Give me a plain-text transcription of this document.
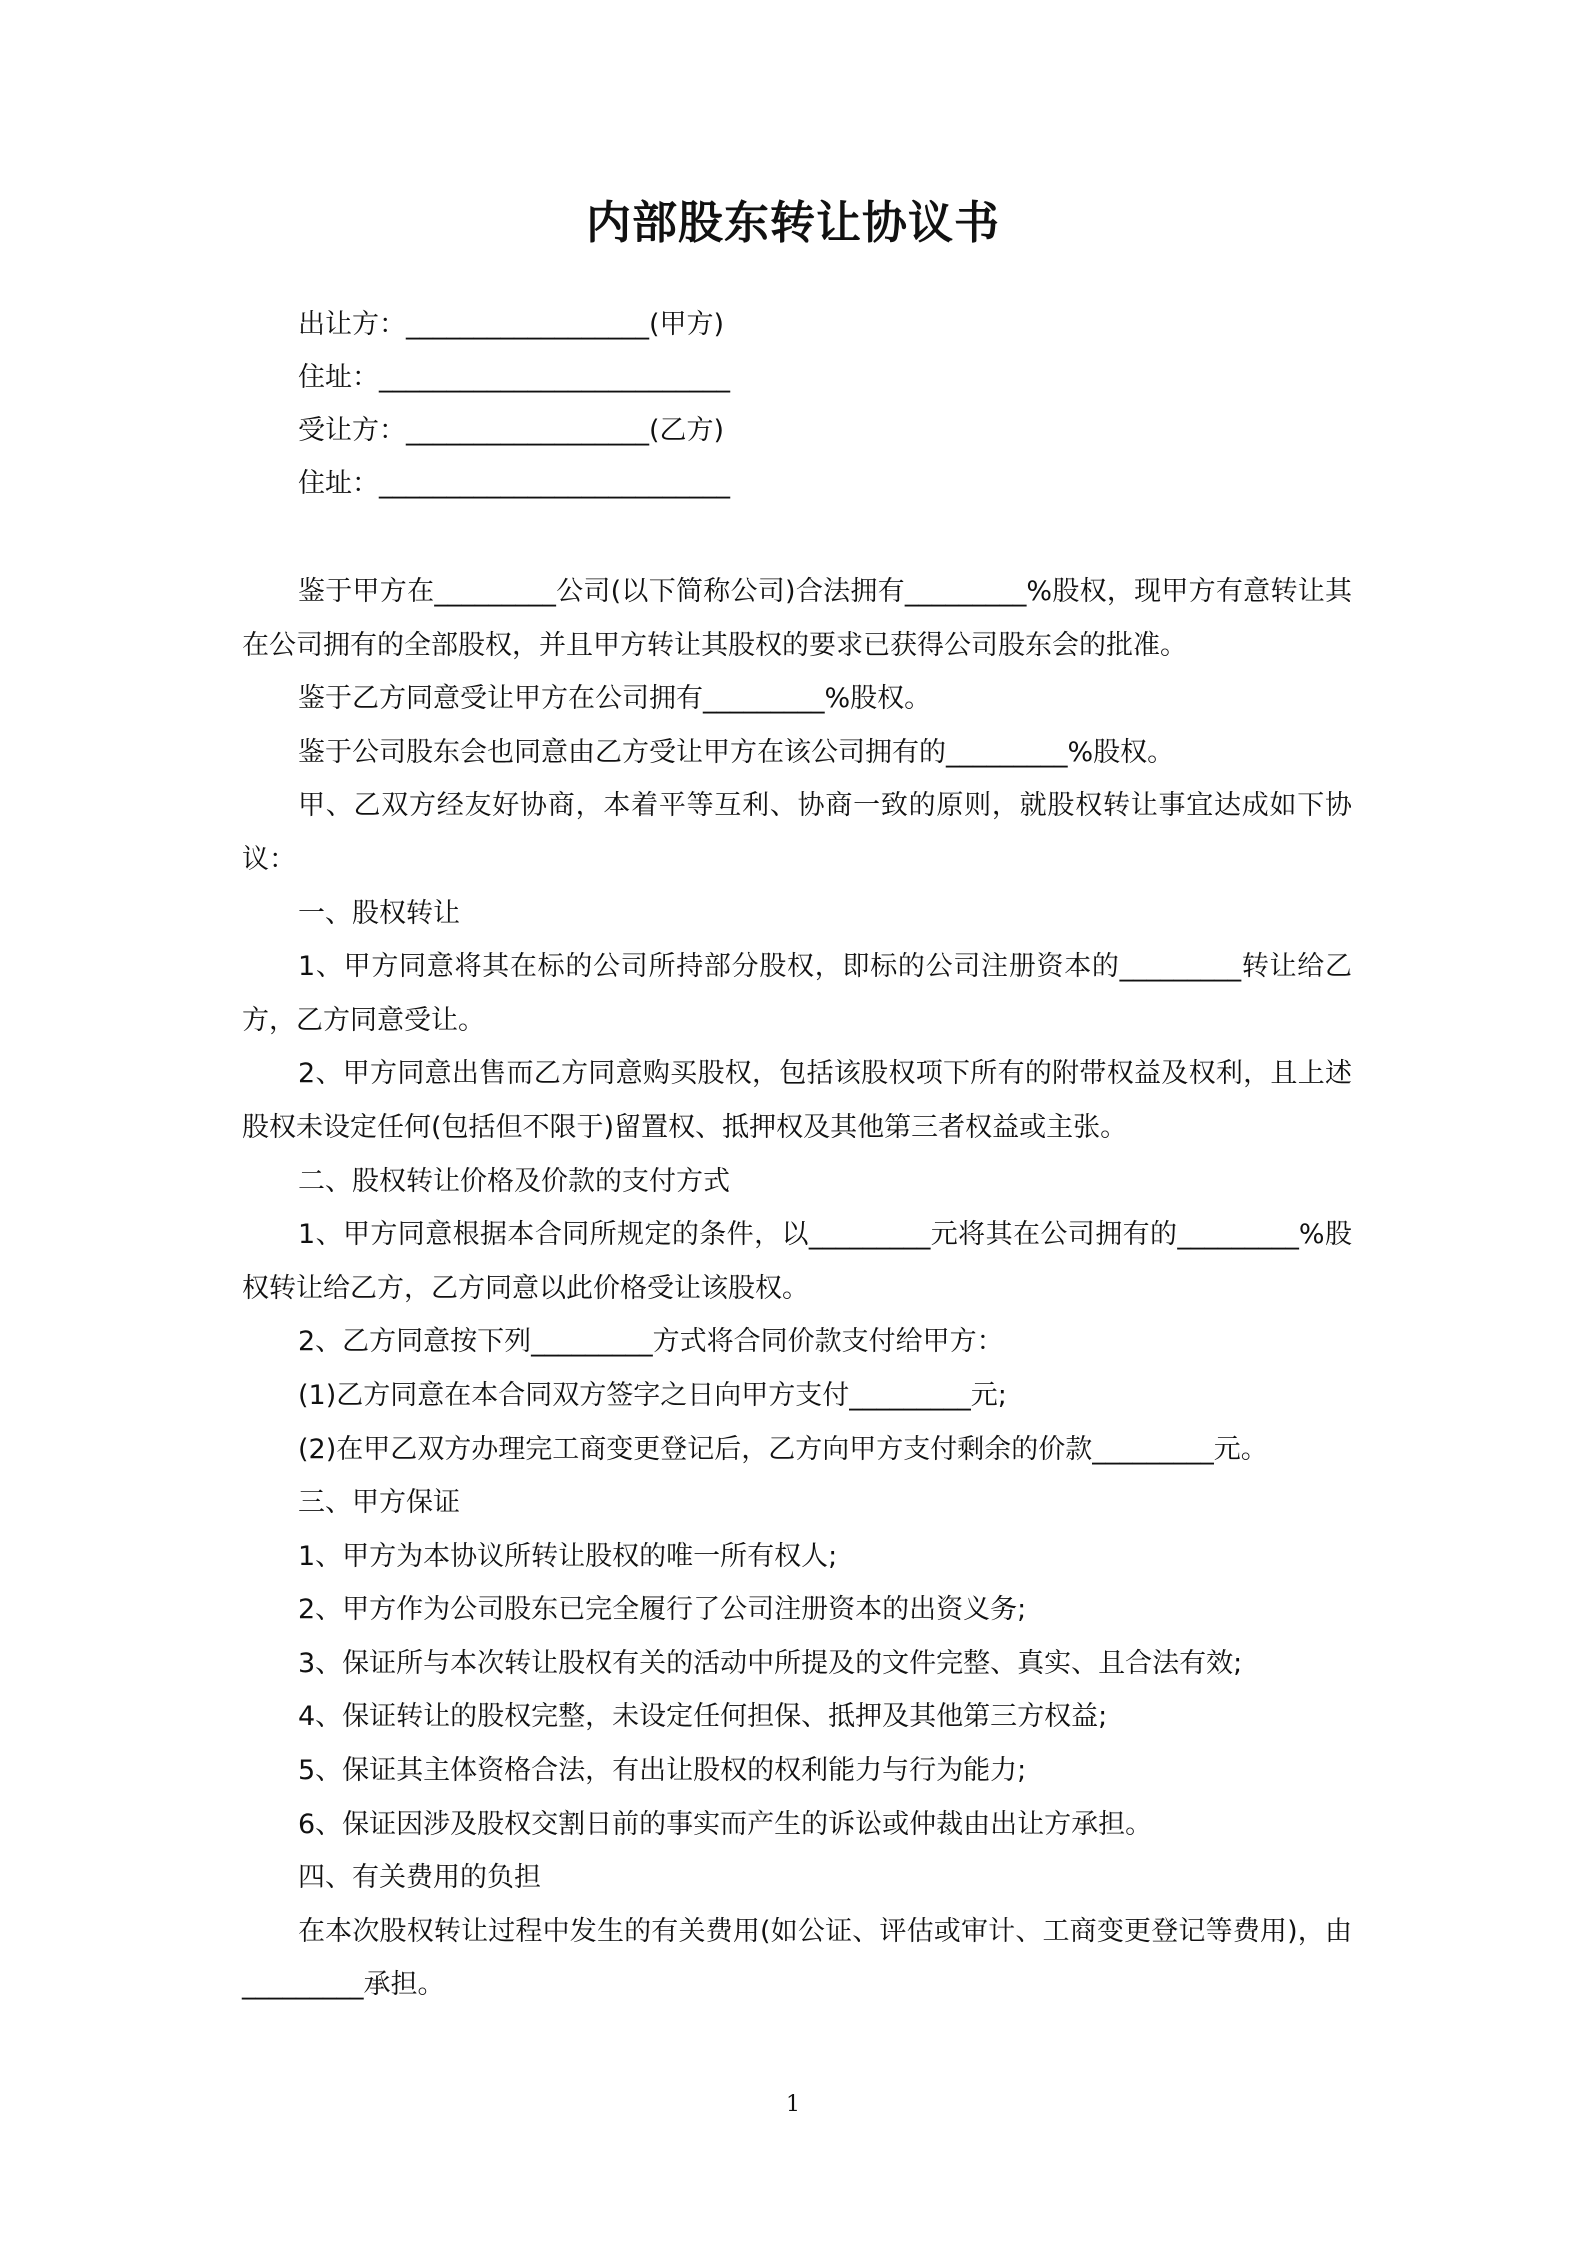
内部股东转让协议书
出让方：__________________(甲方)
住址：__________________________
受让方：__________________(乙方)
住址：__________________________

鉴于甲方在_________公司(以下简称公司)合法拥有_________%股权，现甲方有意转让其在公司拥有的全部股权，并且甲方转让其股权的要求已获得公司股东会的批准。

鉴于乙方同意受让甲方在公司拥有_________%股权。

鉴于公司股东会也同意由乙方受让甲方在该公司拥有的_________%股权。

甲、乙双方经友好协商，本着平等互利、协商一致的原则，就股权转让事宜达成如下协议：

一、股权转让

1、甲方同意将其在标的公司所持部分股权，即标的公司注册资本的_________转让给乙方，乙方同意受让。

2、甲方同意出售而乙方同意购买股权，包括该股权项下所有的附带权益及权利，且上述股权未设定任何(包括但不限于)留置权、抵押权及其他第三者权益或主张。

二、股权转让价格及价款的支付方式

1、甲方同意根据本合同所规定的条件，以_________元将其在公司拥有的_________%股权转让给乙方，乙方同意以此价格受让该股权。

2、乙方同意按下列_________方式将合同价款支付给甲方：

(1)乙方同意在本合同双方签字之日向甲方支付_________元;

(2)在甲乙双方办理完工商变更登记后，乙方向甲方支付剩余的价款_________元。

三、甲方保证

1、甲方为本协议所转让股权的唯一所有权人;

2、甲方作为公司股东已完全履行了公司注册资本的出资义务;

3、保证所与本次转让股权有关的活动中所提及的文件完整、真实、且合法有效;

4、保证转让的股权完整，未设定任何担保、抵押及其他第三方权益;

5、保证其主体资格合法，有出让股权的权利能力与行为能力;

6、保证因涉及股权交割日前的事实而产生的诉讼或仲裁由出让方承担。

四、有关费用的负担

在本次股权转让过程中发生的有关费用(如公证、评估或审计、工商变更登记等费用)，由_________承担。

1
